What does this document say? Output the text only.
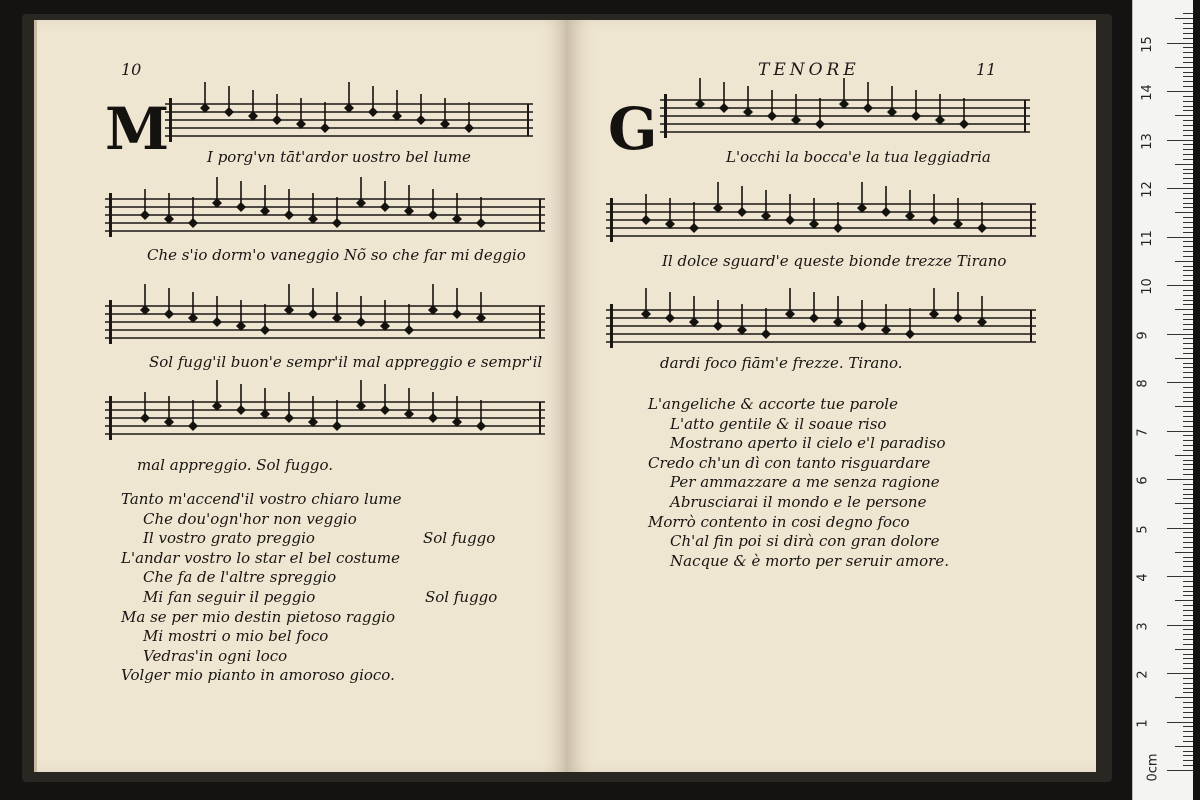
10
M	I porg'vn tāt'ardor uostro bel lume
Che s'io dorm'o vaneggio Nõ so che far mi deggio
Sol fugg'il buon'e sempr'il mal appreggio e sempr'il
mal appreggio. Sol fuggo.
Tanto m'accend'il vostro chiaro lume
Che dou'ogn'hor non veggio
Il vostro grato preggio
L'andar vostro lo star el bel costume
Che fa de l'altre spreggio
Mi fan seguir il peggio
Ma se per mio destin pietoso raggio
Mi mostri o mio bel foco
Vedras'in ogni loco
Volger mio pianto in amoroso gioco.
Sol fuggo
Sol fuggo
TENORE	11
G	L'occhi la bocca'e la tua leggiadria
Il dolce sguard'e queste bionde trezze Tirano
dardi foco fiām'e frezze. Tirano.
L'angeliche & accorte tue parole
L'atto gentile & il soaue riso
Mostrano aperto il cielo e'l paradiso
Credo ch'un dì con tanto risguardare
Per ammazzare a me senza ragione
Abrusciarai il mondo e le persone
Morrò contento in cosi degno foco
Ch'al fin poi si dirà con gran dolore
Nacque & è morto per seruir amore.
0cm
1
2
3
4
5
6
7
8
9
10
11
12
13
14
15
